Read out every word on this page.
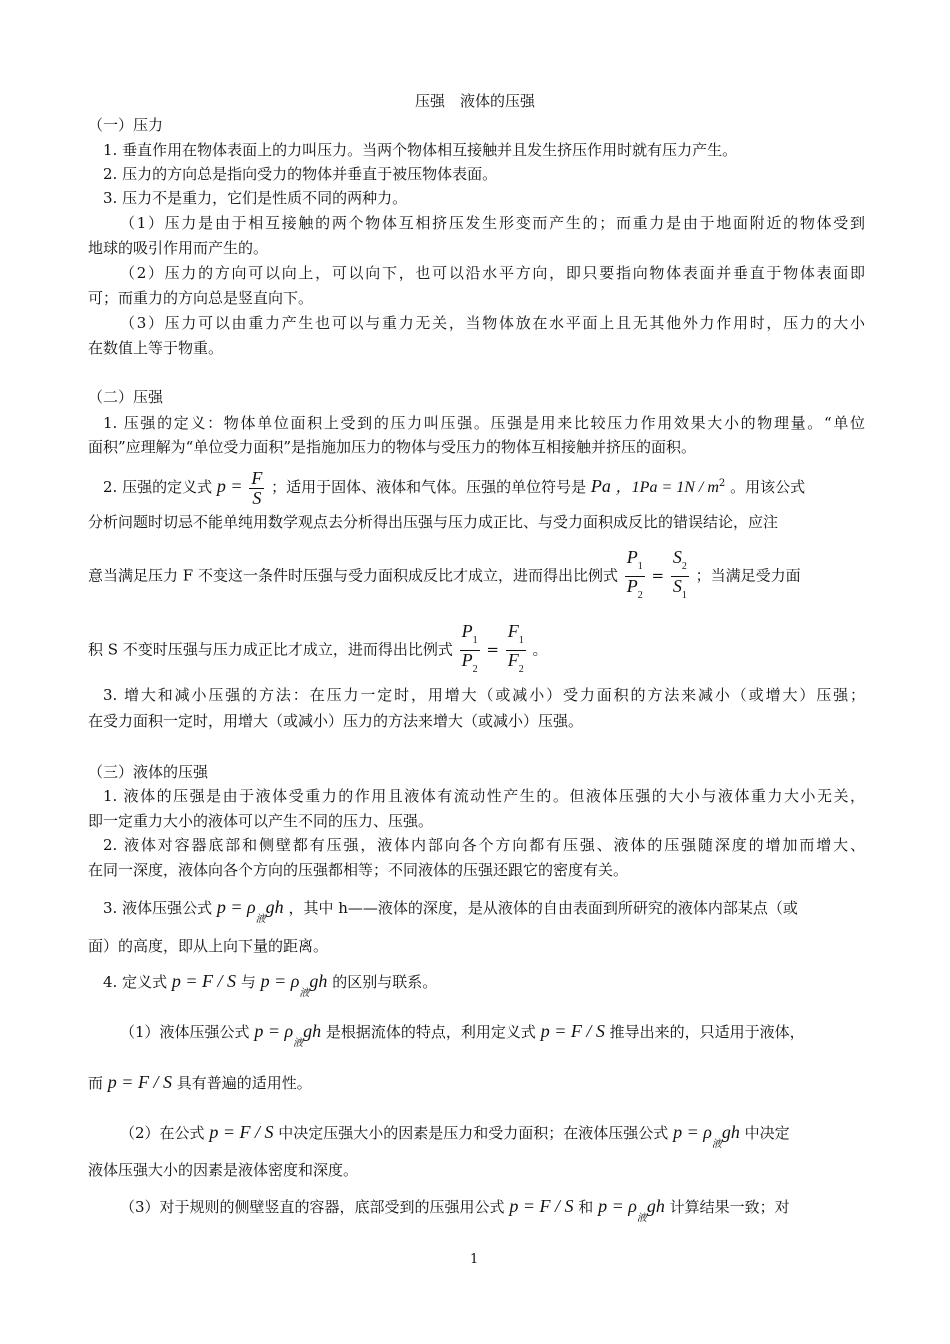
压强　液体的压强
（一）压力
1. 垂直作用在物体表面上的力叫压力。当两个物体相互接触并且发生挤压作用时就有压力产生。
2. 压力的方向总是指向受力的物体并垂直于被压物体表面。
3. 压力不是重力，它们是性质不同的两种力。
（1）压力是由于相互接触的两个物体互相挤压发生形变而产生的；而重力是由于地面附近的物体受到
地球的吸引作用而产生的。
（2）压力的方向可以向上，可以向下，也可以沿水平方向，即只要指向物体表面并垂直于物体表面即
可；而重力的方向总是竖直向下。
（3）压力可以由重力产生也可以与重力无关，当物体放在水平面上且无其他外力作用时，压力的大小
在数值上等于物重。
（二）压强
1. 压强的定义：物体单位面积上受到的压力叫压强。压强是用来比较压力作用效果大小的物理量。“单位
面积”应理解为“单位受力面积”是指施加压力的物体与受压力的物体互相接触并挤压的面积。
2. 压强的定义式 $p = \frac{F}{S}$ ；适用于固体、液体和气体。压强的单位符号是 Pa ，$1Pa = 1N / m^2$ 。用该公式
分析问题时切忌不能单纯用数学观点去分析得出压强与压力成正比、与受力面积成反比的错误结论，应注
意当满足压力 F 不变这一条件时压强与受力面积成反比才成立，进而得出比例式 $\frac{P_1}{P_2} = \frac{S_2}{S_1}$ ；当满足受力面
积 S 不变时压强与压力成正比才成立，进而得出比例式 $\frac{P_1}{P_2} = \frac{F_1}{F_2}$ 。
3. 增大和减小压强的方法：在压力一定时，用增大（或减小）受力面积的方法来减小（或增大）压强；
在受力面积一定时，用增大（或减小）压力的方法来增大（或减小）压强。
（三）液体的压强
1. 液体的压强是由于液体受重力的作用且液体有流动性产生的。但液体压强的大小与液体重力大小无关，
即一定重力大小的液体可以产生不同的压力、压强。
2. 液体对容器底部和侧壁都有压强，液体内部向各个方向都有压强、液体的压强随深度的增加而增大、
在同一深度，液体向各个方向的压强都相等；不同液体的压强还跟它的密度有关。
3. 液体压强公式 $p = \rho_液gh$ ，其中 h——液体的深度，是从液体的自由表面到所研究的液体内部某点（或
面）的高度，即从上向下量的距离。
4. 定义式 p = F / S 与 $p = \rho_液gh$ 的区别与联系。
（1）液体压强公式 $p = \rho_液gh$ 是根据流体的特点，利用定义式 p = F / S 推导出来的，只适用于液体，
而 p = F / S 具有普遍的适用性。
（2）在公式 p = F / S 中决定压强大小的因素是压力和受力面积；在液体压强公式 $p = \rho_液gh$ 中决定
液体压强大小的因素是液体密度和深度。
（3）对于规则的侧壁竖直的容器，底部受到的压强用公式 p = F / S 和 $p = \rho_液gh$ 计算结果一致；对
1
